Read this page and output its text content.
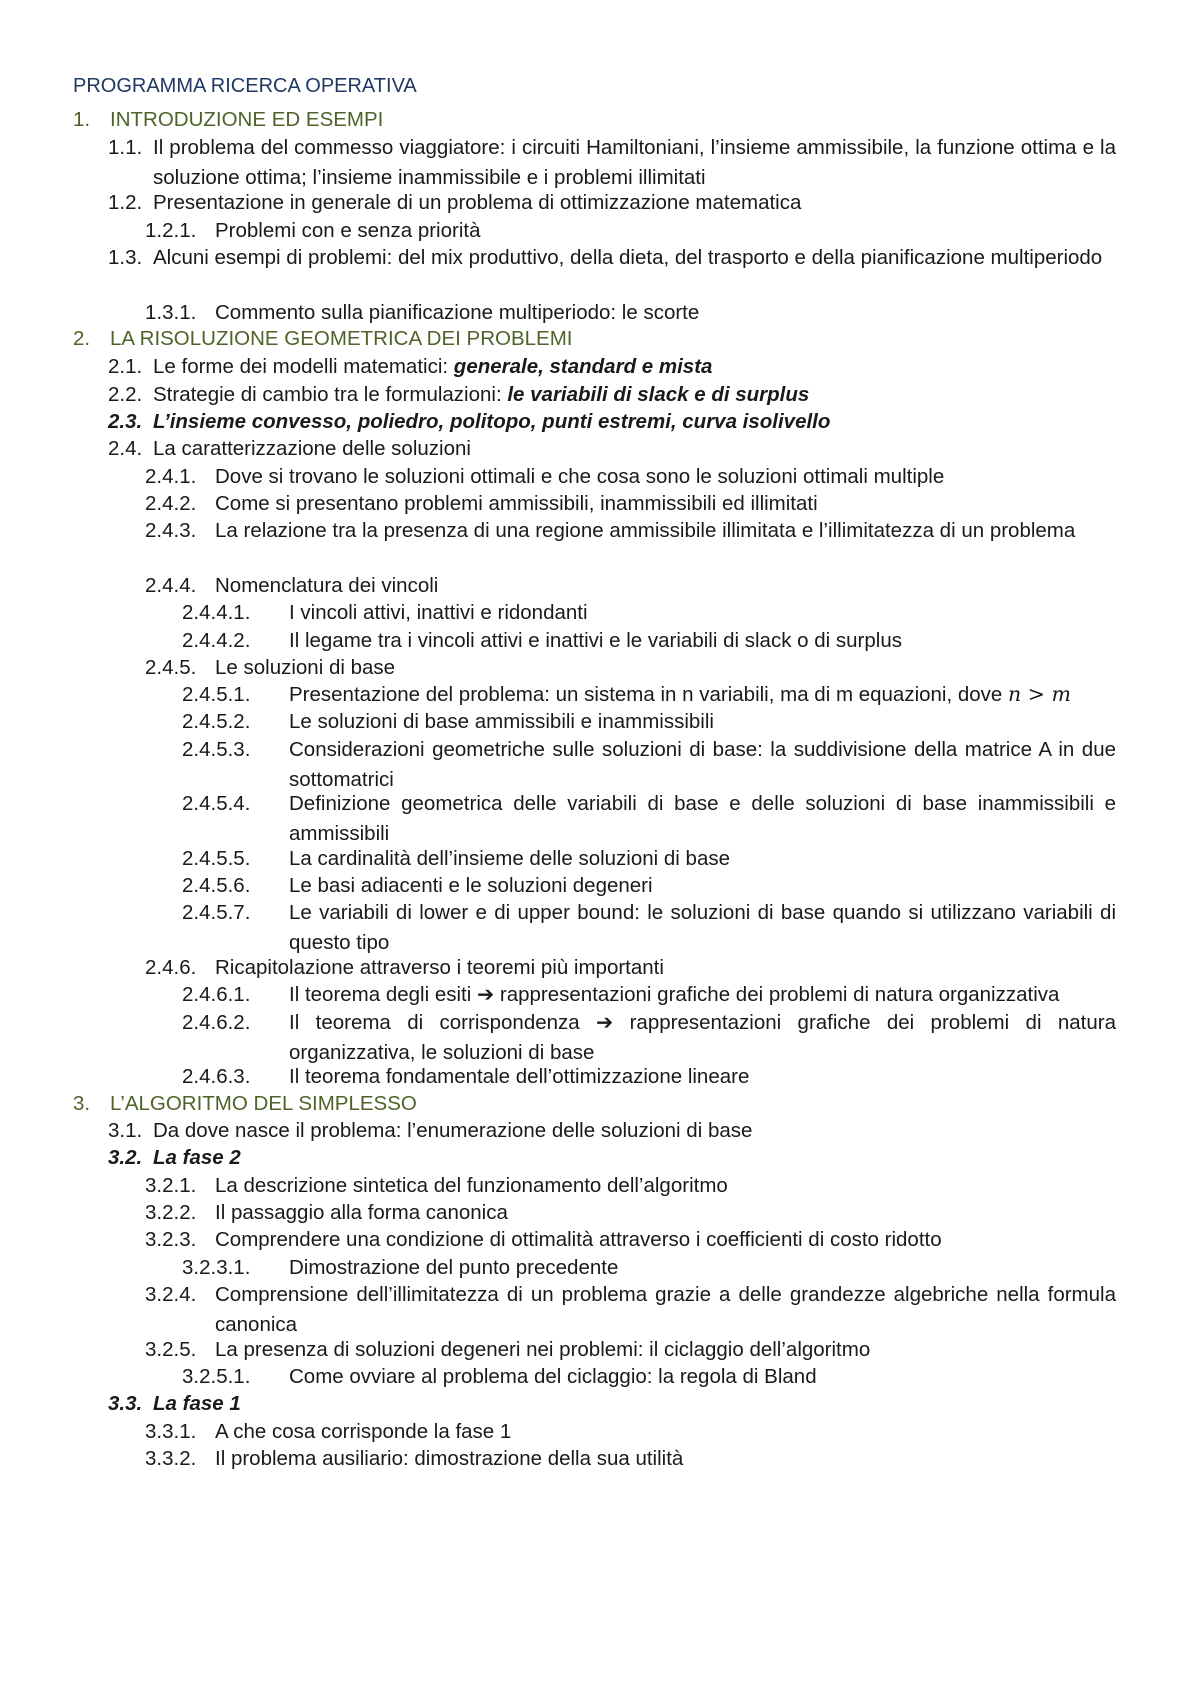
PROGRAMMA RICERCA OPERATIVA
1. INTRODUZIONE ED ESEMPI
1.1. Il problema del commesso viaggiatore: i circuiti Hamiltoniani, l’insieme ammissibile, la funzione ottima e la soluzione ottima; l’insieme inammissibile e i problemi illimitati
1.2. Presentazione in generale di un problema di ottimizzazione matematica
1.2.1. Problemi con e senza priorità
1.3. Alcuni esempi di problemi: del mix produttivo, della dieta, del trasporto e della pianificazione multiperiodo
1.3.1. Commento sulla pianificazione multiperiodo: le scorte
2. LA RISOLUZIONE GEOMETRICA DEI PROBLEMI
2.1. Le forme dei modelli matematici: generale, standard e mista
2.2. Strategie di cambio tra le formulazioni: le variabili di slack e di surplus
2.3. L’insieme convesso, poliedro, politopo, punti estremi, curva isolivello
2.4. La caratterizzazione delle soluzioni
2.4.1. Dove si trovano le soluzioni ottimali e che cosa sono le soluzioni ottimali multiple
2.4.2. Come si presentano problemi ammissibili, inammissibili ed illimitati
2.4.3. La relazione tra la presenza di una regione ammissibile illimitata e l’illimitatezza di un problema
2.4.4. Nomenclatura dei vincoli
2.4.4.1.	I vincoli attivi, inattivi e ridondanti
2.4.4.2.	Il legame tra i vincoli attivi e inattivi e le variabili di slack o di surplus
2.4.5. Le soluzioni di base
2.4.5.1.	Presentazione del problema: un sistema in n variabili, ma di m equazioni, dove n > m
2.4.5.2.	Le soluzioni di base ammissibili e inammissibili
2.4.5.3.	Considerazioni geometriche sulle soluzioni di base: la suddivisione della matrice A in due sottomatrici
2.4.5.4.	Definizione geometrica delle variabili di base e delle soluzioni di base inammissibili e ammissibili
2.4.5.5.	La cardinalità dell’insieme delle soluzioni di base
2.4.5.6.	Le basi adiacenti e le soluzioni degeneri
2.4.5.7.	Le variabili di lower e di upper bound: le soluzioni di base quando si utilizzano variabili di questo tipo
2.4.6. Ricapitolazione attraverso i teoremi più importanti
2.4.6.1.	Il teorema degli esiti ➔ rappresentazioni grafiche dei problemi di natura organizzativa
2.4.6.2.	Il teorema di corrispondenza ➔ rappresentazioni grafiche dei problemi di natura organizzativa, le soluzioni di base
2.4.6.3.	Il teorema fondamentale dell’ottimizzazione lineare
3. L’ALGORITMO DEL SIMPLESSO
3.1. Da dove nasce il problema: l’enumerazione delle soluzioni di base
3.2. La fase 2
3.2.1. La descrizione sintetica del funzionamento dell’algoritmo
3.2.2. Il passaggio alla forma canonica
3.2.3. Comprendere una condizione di ottimalità attraverso i coefficienti di costo ridotto
3.2.3.1.	Dimostrazione del punto precedente
3.2.4. Comprensione dell’illimitatezza di un problema grazie a delle grandezze algebriche nella formula canonica
3.2.5. La presenza di soluzioni degeneri nei problemi: il ciclaggio dell’algoritmo
3.2.5.1.	Come ovviare al problema del ciclaggio: la regola di Bland
3.3. La fase 1
3.3.1. A che cosa corrisponde la fase 1
3.3.2. Il problema ausiliario: dimostrazione della sua utilità
